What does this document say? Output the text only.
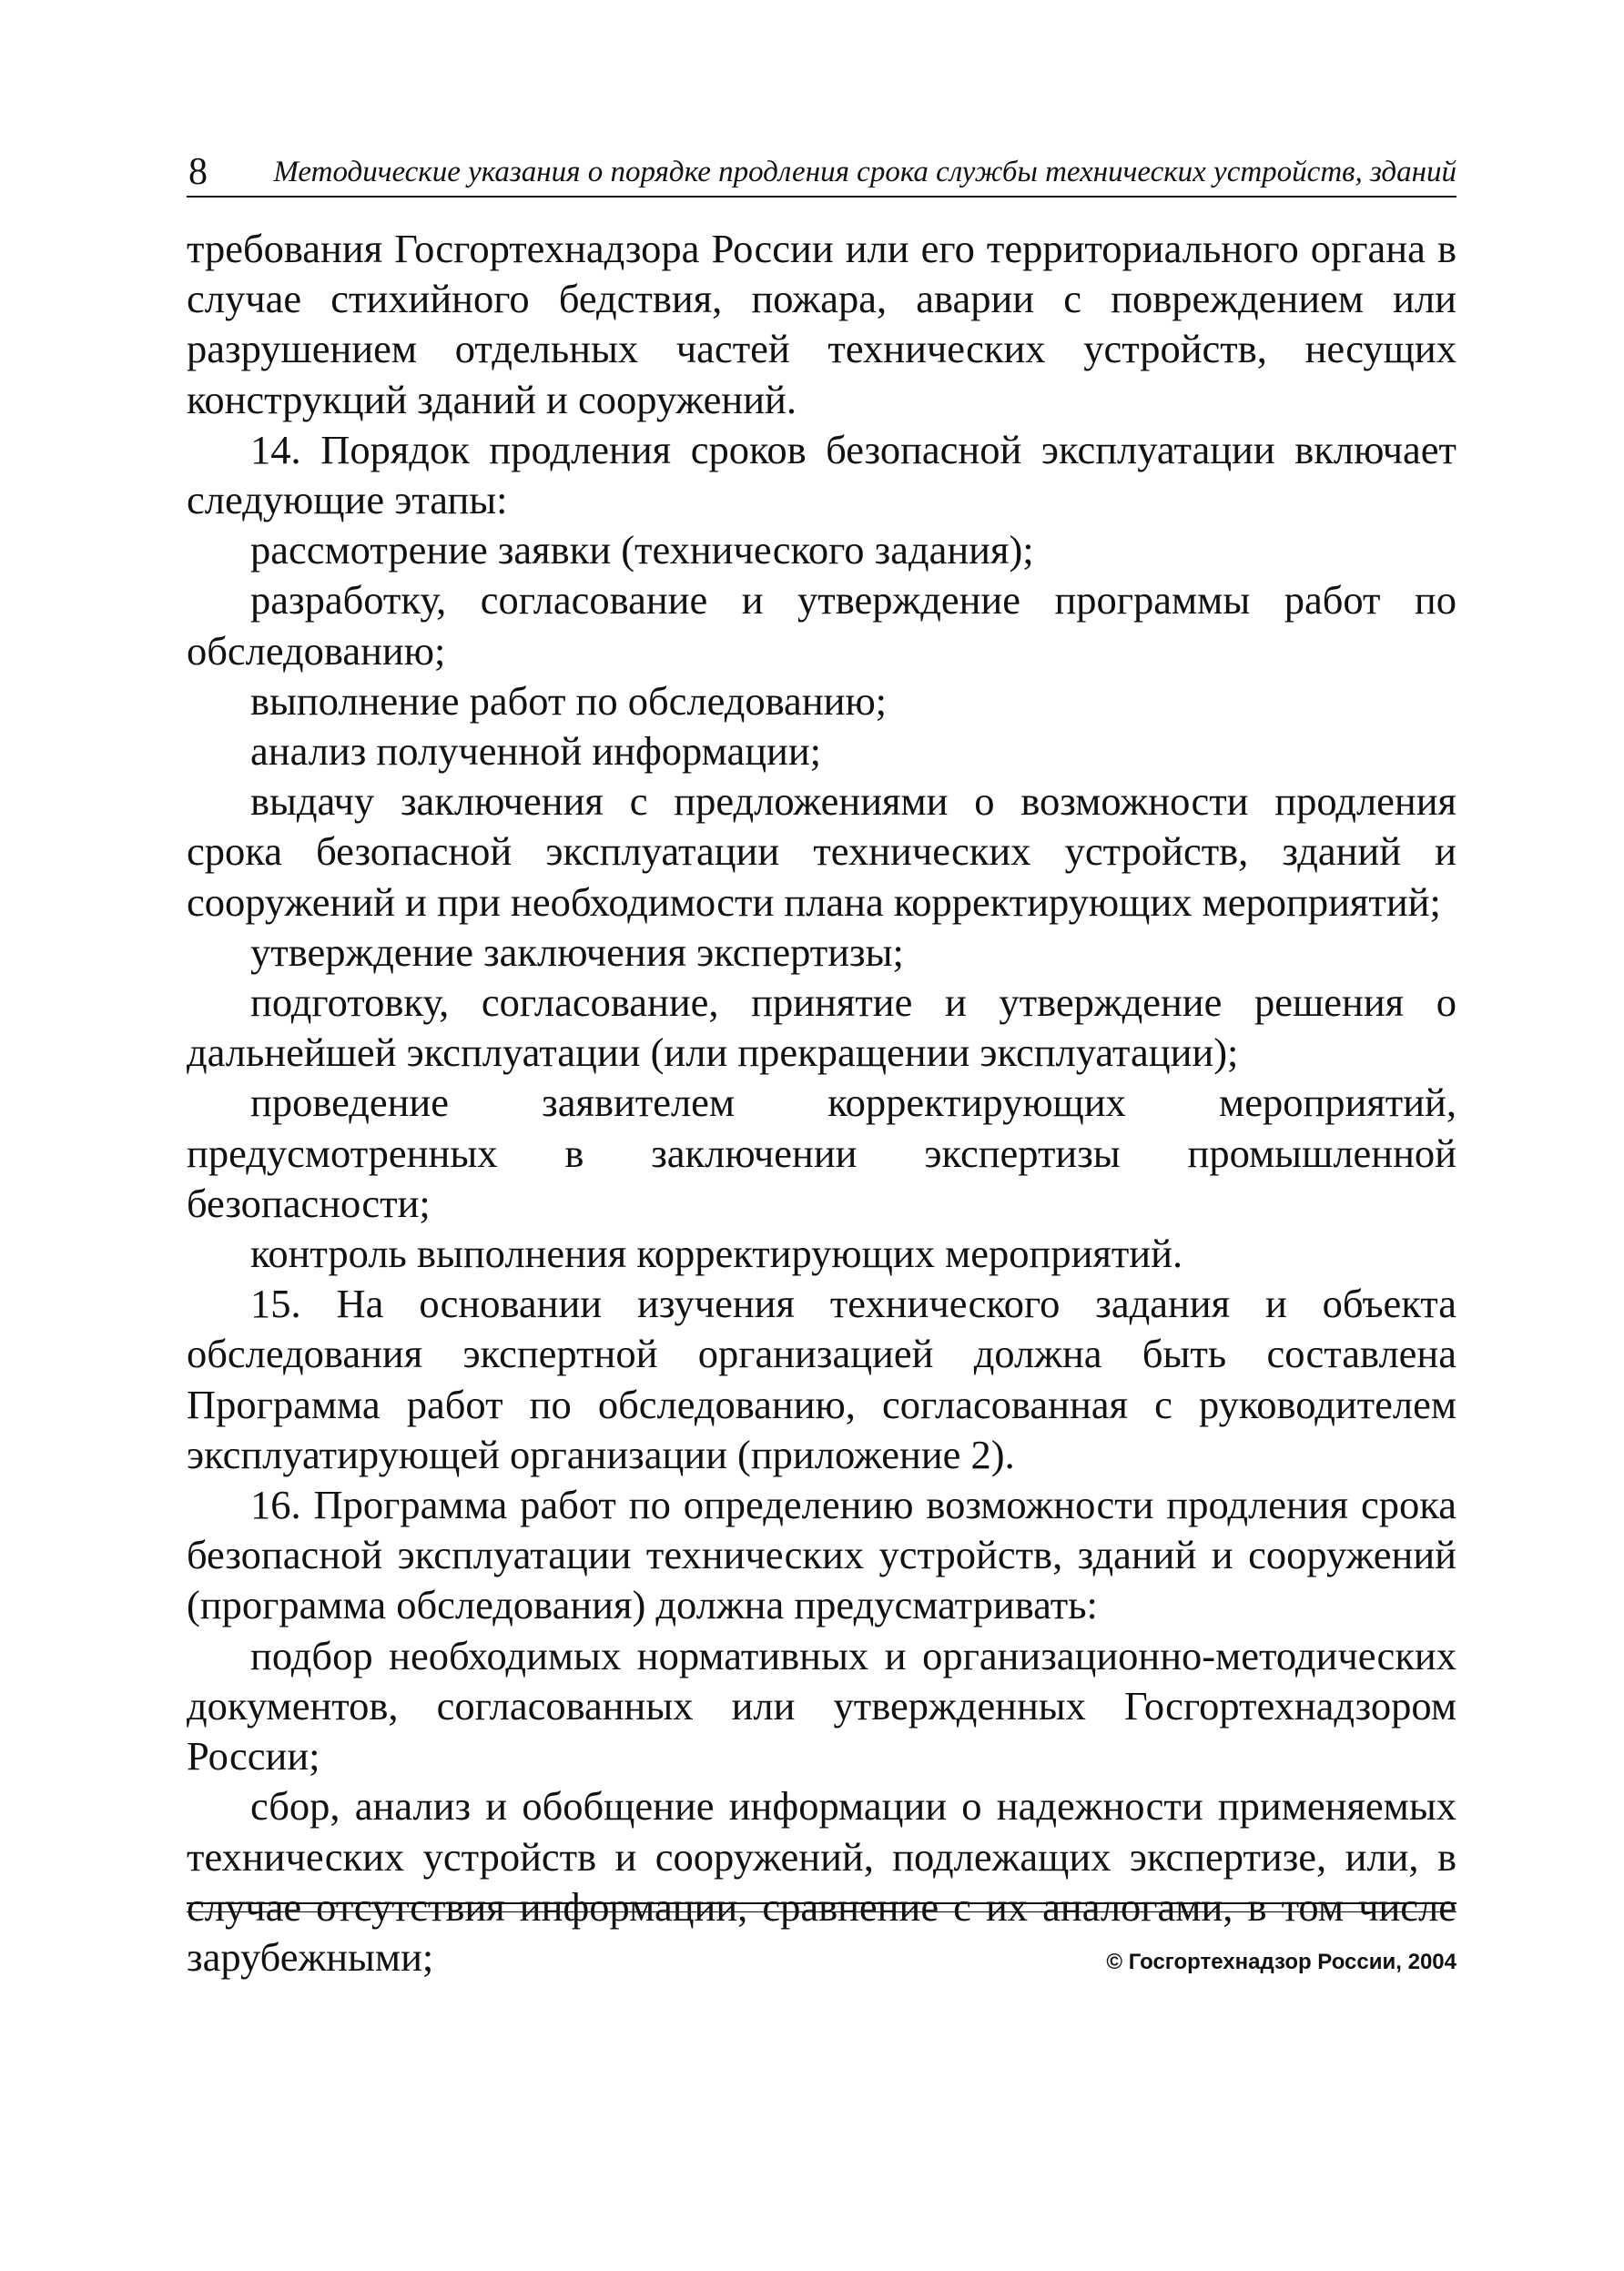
8 Методические указания о порядке продления срока службы технических устройств, зданий

требования Госгортехнадзора России или его территориального органа в случае стихийного бедствия, пожара, аварии с повреждением или разрушением отдельных частей технических устройств, несущих конструкций зданий и сооружений.

14. Порядок продления сроков безопасной эксплуатации включает следующие этапы:

рассмотрение заявки (технического задания);

разработку, согласование и утверждение программы работ по обследованию;

выполнение работ по обследованию;

анализ полученной информации;

выдачу заключения с предложениями о возможности продления срока безопасной эксплуатации технических устройств, зданий и сооружений и при необходимости плана корректирующих мероприятий;

утверждение заключения экспертизы;

подготовку, согласование, принятие и утверждение решения о дальнейшей эксплуатации (или прекращении эксплуатации);

проведение заявителем корректирующих мероприятий, предусмотренных в заключении экспертизы промышленной безопасности;

контроль выполнения корректирующих мероприятий.

15. На основании изучения технического задания и объекта обследования экспертной организацией должна быть составлена Программа работ по обследованию, согласованная с руководителем эксплуатирующей организации (приложение 2).

16. Программа работ по определению возможности продления срока безопасной эксплуатации технических устройств, зданий и сооружений (программа обследования) должна предусматривать:

подбор необходимых нормативных и организационно-методических документов, согласованных или утвержденных Госгортехнадзором России;

сбор, анализ и обобщение информации о надежности применяемых технических устройств и сооружений, подлежащих экспертизе, или, в случае отсутствия информации, сравнение с их аналогами, в том числе зарубежными;	© Госгортехнадзор России, 2004
